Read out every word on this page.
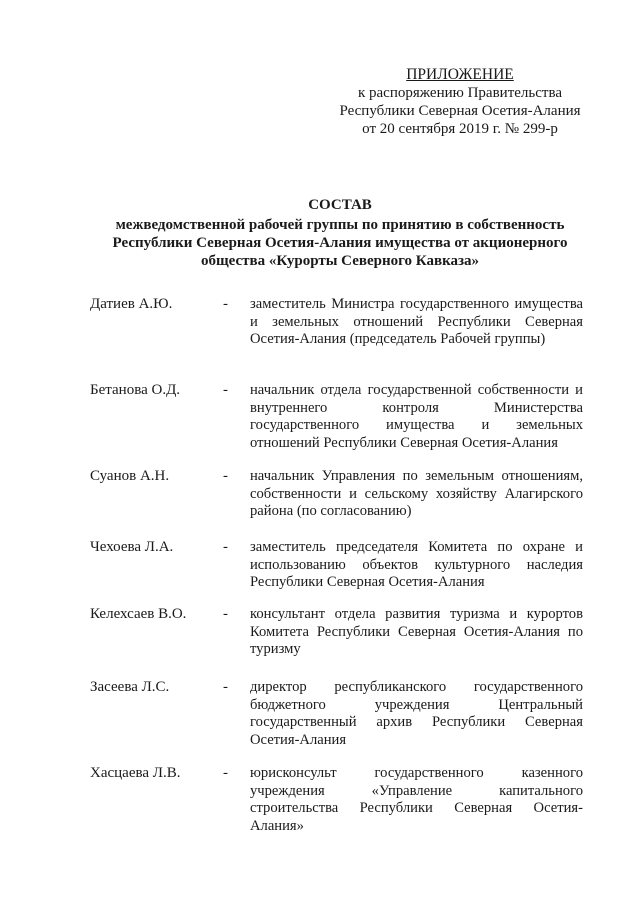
ПРИЛОЖЕНИЕ
к распоряжению Правительства
Республики Северная Осетия-Алания
от 20 сентября 2019 г. № 299-р
СОСТАВ
межведомственной рабочей группы по принятию в собственность
Республики Северная Осетия-Алания имущества от акционерного
общества «Курорты Северного Кавказа»
Датиев А.Ю.	- заместитель Министра государственного имущества и земельных отношений Республики Северная Осетия-Алания (председатель Рабочей группы)
Бетанова О.Д.	- начальник отдела государственной собственности и внутреннего контроля Министерства государственного имущества и земельных отношений Республики Северная Осетия-Алания
Суанов А.Н.	- начальник Управления по земельным отношениям, собственности и сельскому хозяйству Алагирского района (по согласованию)
Чехоева Л.А.	- заместитель председателя Комитета по охране и использованию объектов культурного наследия Республики Северная Осетия-Алания
Келехсаев В.О. - консультант отдела развития туризма и курортов Комитета Республики Северная Осетия-Алания по туризму
Засеева Л.С.	- директор республиканского государственного бюджетного учреждения Центральный государственный архив Республики Северная Осетия-Алания
Хасцаева Л.В.	- юрисконсульт государственного казенного учреждения «Управление капитального строительства Республики Северная Осетия-Алания»
